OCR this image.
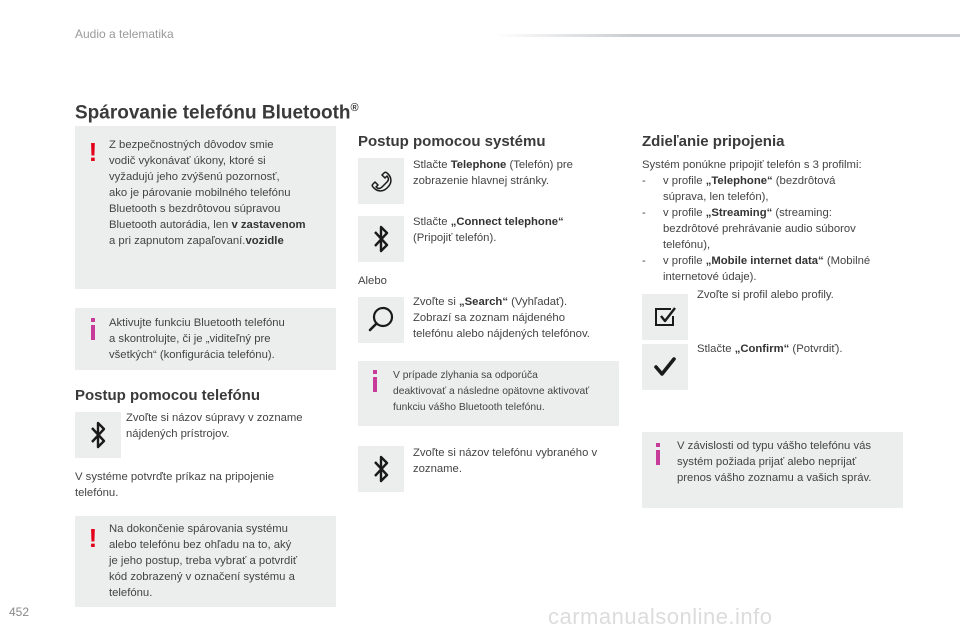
Audio a telematika
Spárovanie telefónu Bluetooth®
! Z bezpečnostných dôvodov smie
vodič vykonávať úkony, ktoré si
vyžadujú jeho zvýšenú pozornosť,
ako je párovanie mobilného telefónu
Bluetooth s bezdrôtovou súpravou
Bluetooth autorádia, len v zastavenom
a pri zapnutom zapaľovaní.vozidle
Aktivujte funkciu Bluetooth telefónu
a skontrolujte, či je „viditeľný pre
všetkých“ (konfigurácia telefónu).
Postup pomocou telefónu
Zvoľte si názov súpravy v zozname
nájdených prístrojov.
V systéme potvrďte príkaz na pripojenie
telefónu.
! Na dokončenie spárovania systému
alebo telefónu bez ohľadu na to, aký
je jeho postup, treba vybrať a potvrdiť
kód zobrazený v označení systému a
telefónu.
Postup pomocou systému
Stlačte Telephone (Telefón) pre
zobrazenie hlavnej stránky.
Stlačte „Connect telephone“
(Pripojiť telefón).
Alebo
Zvoľte si „Search“ (Vyhľadať).
Zobrazí sa zoznam nájdeného
telefónu alebo nájdených telefónov.
V prípade zlyhania sa odporúča
deaktivovať a následne opätovne aktivovať
funkciu vášho Bluetooth telefónu.
Zvoľte si názov telefónu vybraného v
zozname.
Zdieľanie pripojenia
Systém ponúkne pripojiť telefón s 3 profilmi:
- v profile „Telephone“ (bezdrôtová
súprava, len telefón),
- v profile „Streaming“ (streaming:
bezdrôtové prehrávanie audio súborov
telefónu),
- v profile „Mobile internet data“ (Mobilné
internetové údaje).
Zvoľte si profil alebo profily.
Stlačte „Confirm“ (Potvrdiť).
V závislosti od typu vášho telefónu vás
systém požiada prijať alebo neprijať
prenos vášho zoznamu a vašich správ.
452	carmanualsonline.info
